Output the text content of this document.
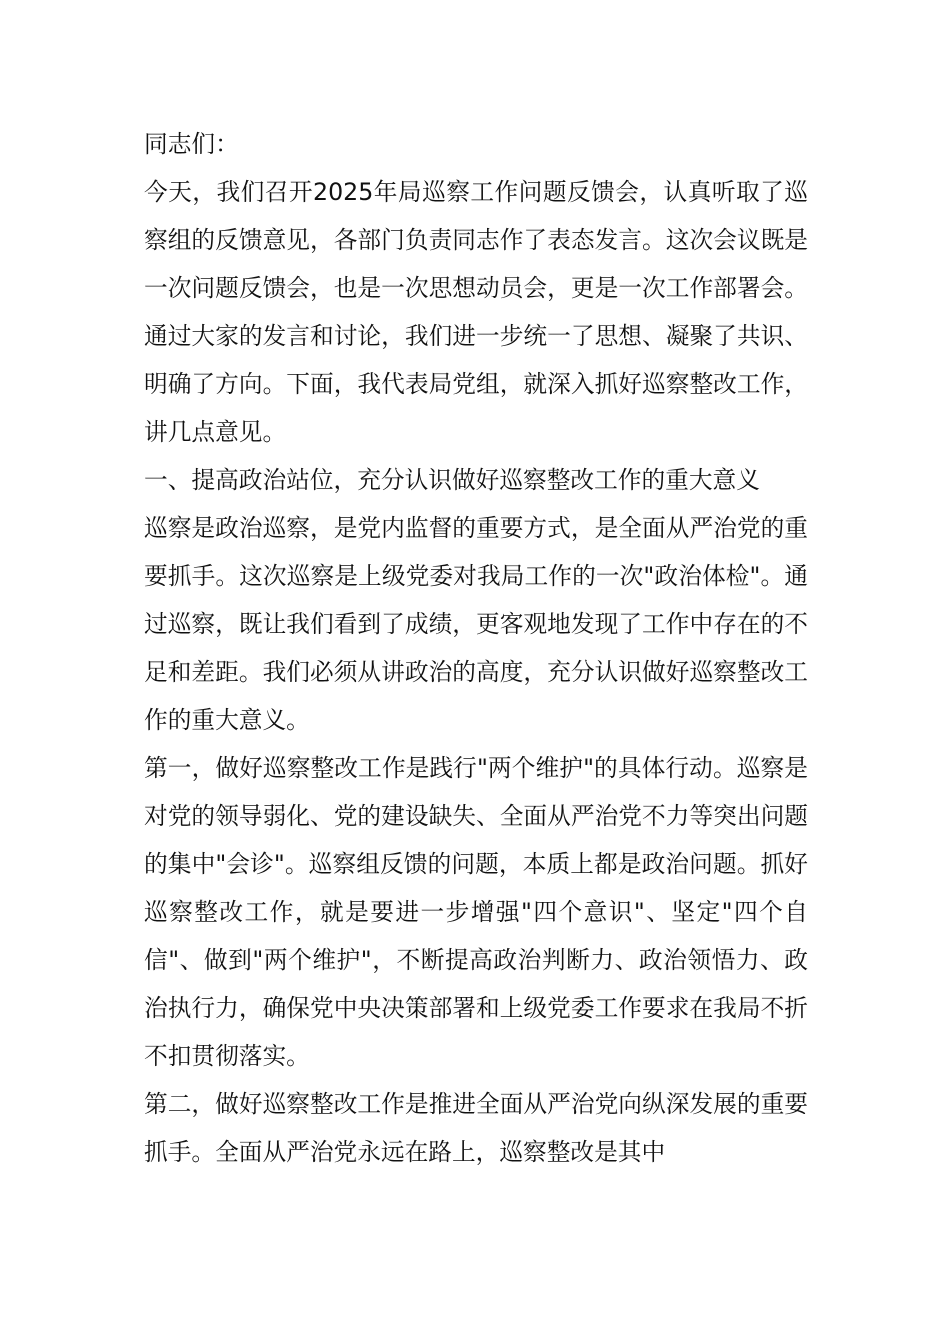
同志们：

今天，我们召开2025年局巡察工作问题反馈会，认真听取了巡察组的反馈意见，各部门负责同志作了表态发言。这次会议既是一次问题反馈会，也是一次思想动员会，更是一次工作部署会。通过大家的发言和讨论，我们进一步统一了思想、凝聚了共识、明确了方向。下面，我代表局党组，就深入抓好巡察整改工作，讲几点意见。

一、提高政治站位，充分认识做好巡察整改工作的重大意义

巡察是政治巡察，是党内监督的重要方式，是全面从严治党的重要抓手。这次巡察是上级党委对我局工作的一次"政治体检"。通过巡察，既让我们看到了成绩，更客观地发现了工作中存在的不足和差距。我们必须从讲政治的高度，充分认识做好巡察整改工作的重大意义。

第一，做好巡察整改工作是践行"两个维护"的具体行动。巡察是对党的领导弱化、党的建设缺失、全面从严治党不力等突出问题的集中"会诊"。巡察组反馈的问题，本质上都是政治问题。抓好巡察整改工作，就是要进一步增强"四个意识"、坚定"四个自信"、做到"两个维护"，不断提高政治判断力、政治领悟力、政治执行力，确保党中央决策部署和上级党委工作要求在我局不折不扣贯彻落实。

第二，做好巡察整改工作是推进全面从严治党向纵深发展的重要抓手。全面从严治党永远在路上，巡察整改是其中
